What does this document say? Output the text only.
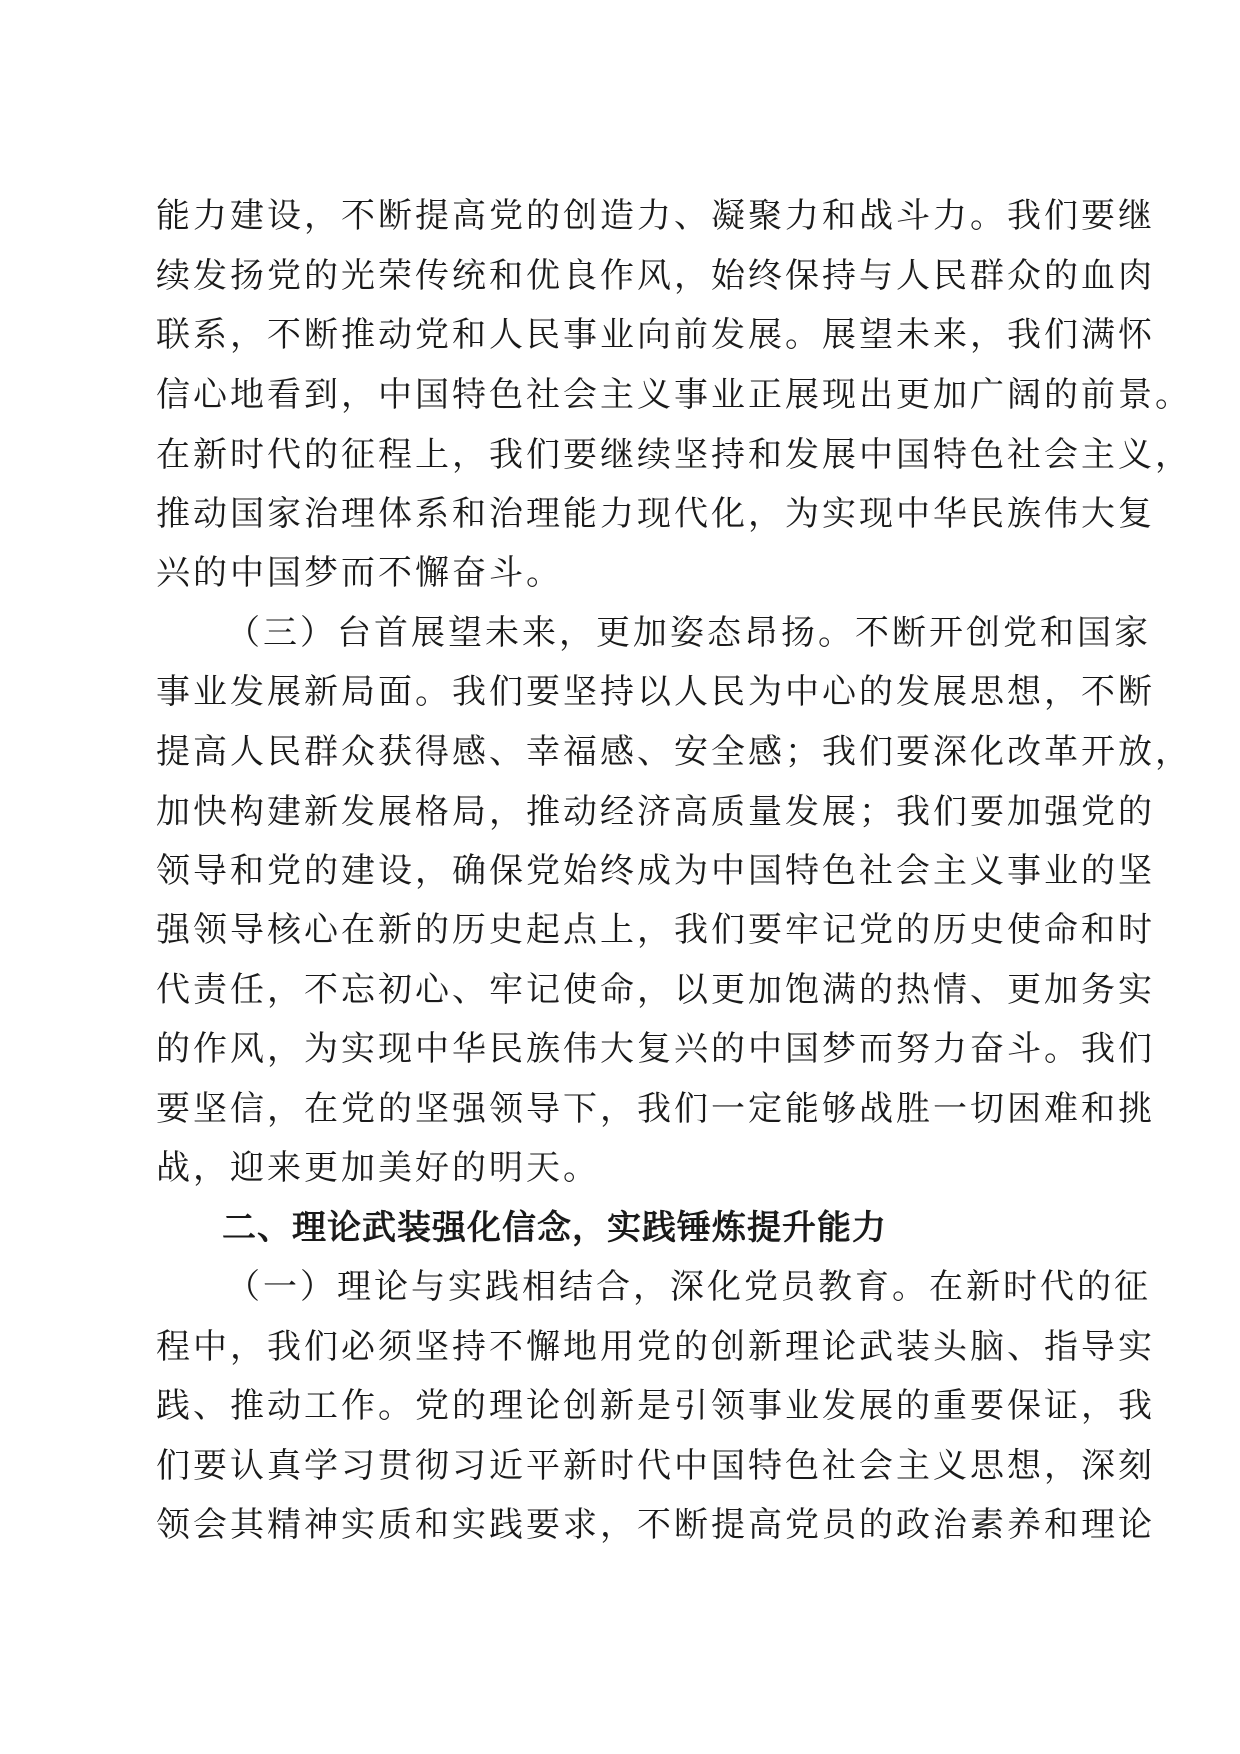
能力建设，不断提高党的创造力、凝聚力和战斗力。我们要继
续发扬党的光荣传统和优良作风，始终保持与人民群众的血肉
联系，不断推动党和人民事业向前发展。展望未来，我们满怀
信心地看到，中国特色社会主义事业正展现出更加广阔的前景。
在新时代的征程上，我们要继续坚持和发展中国特色社会主义，
推动国家治理体系和治理能力现代化，为实现中华民族伟大复
兴的中国梦而不懈奋斗。
（三）台首展望未来，更加姿态昂扬。不断开创党和国家
事业发展新局面。我们要坚持以人民为中心的发展思想，不断
提高人民群众获得感、幸福感、安全感；我们要深化改革开放，
加快构建新发展格局，推动经济高质量发展；我们要加强党的
领导和党的建设，确保党始终成为中国特色社会主义事业的坚
强领导核心在新的历史起点上，我们要牢记党的历史使命和时
代责任，不忘初心、牢记使命，以更加饱满的热情、更加务实
的作风，为实现中华民族伟大复兴的中国梦而努力奋斗。我们
要坚信，在党的坚强领导下，我们一定能够战胜一切困难和挑
战，迎来更加美好的明天。
二、理论武装强化信念，实践锤炼提升能力
（一）理论与实践相结合，深化党员教育。在新时代的征
程中，我们必须坚持不懈地用党的创新理论武装头脑、指导实
践、推动工作。党的理论创新是引领事业发展的重要保证，我
们要认真学习贯彻习近平新时代中国特色社会主义思想，深刻
领会其精神实质和实践要求，不断提高党员的政治素养和理论
